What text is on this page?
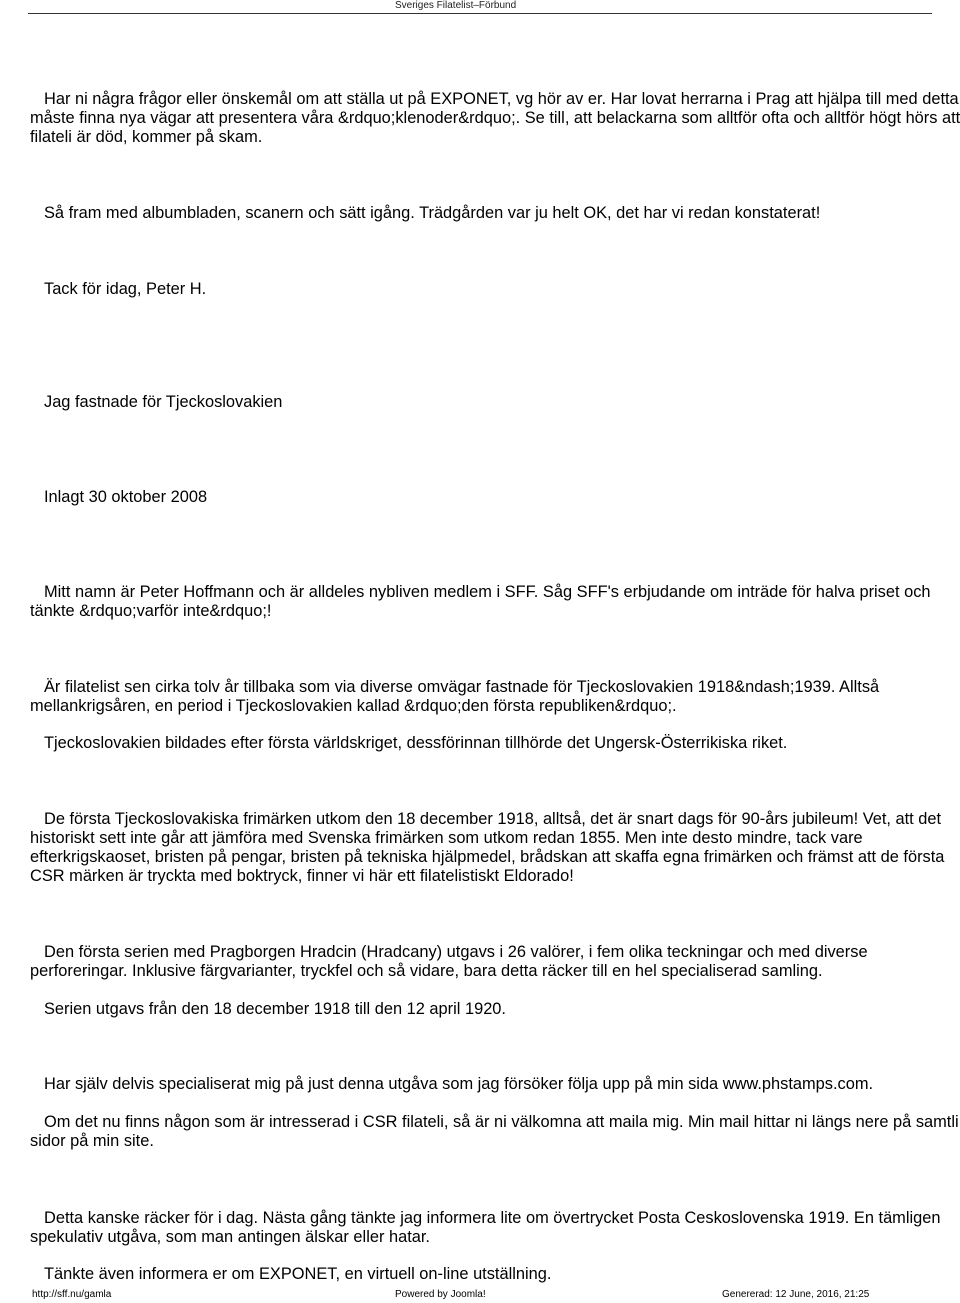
Sveriges Filatelist–Förbund
Har ni några frågor eller önskemål om att ställa ut på EXPONET, vg hör av er. Har lovat herrarna i Prag att hjälpa till med detta
måste finna nya vägar att presentera våra &rdquo;klenoder&rdquo;. Se till, att belackarna som alltför ofta och alltför högt hörs att
filateli är död, kommer på skam.
Så fram med albumbladen, scanern och sätt igång. Trädgården var ju helt OK, det har vi redan konstaterat!
Tack för idag, Peter H.
Jag fastnade för Tjeckoslovakien
Inlagt 30 oktober 2008
Mitt namn är Peter Hoffmann och är alldeles nybliven medlem i SFF. Såg SFF's erbjudande om inträde för halva priset och
tänkte &rdquo;varför inte&rdquo;!
Är filatelist sen cirka tolv år tillbaka som via diverse omvägar fastnade för Tjeckoslovakien 1918&ndash;1939. Alltså
mellankrigsåren, en period i Tjeckoslovakien kallad &rdquo;den första republiken&rdquo;.
Tjeckoslovakien bildades efter första världskriget, dessförinnan tillhörde det Ungersk-Österrikiska riket.
De första Tjeckoslovakiska frimärken utkom den 18 december 1918, alltså, det är snart dags för 90-års jubileum! Vet, att det
historiskt sett inte går att jämföra med Svenska frimärken som utkom redan 1855. Men inte desto mindre, tack vare
efterkrigskaoset, bristen på pengar, bristen på tekniska hjälpmedel, brådskan att skaffa egna frimärken och främst att de första
CSR märken är tryckta med boktryck, finner vi här ett filatelistiskt Eldorado!
Den första serien med Pragborgen Hradcin (Hradcany) utgavs i 26 valörer, i fem olika teckningar och med diverse
perforeringar. Inklusive färgvarianter, tryckfel och så vidare, bara detta räcker till en hel specialiserad samling.
Serien utgavs från den 18 december 1918 till den 12 april 1920.
Har själv delvis specialiserat mig på just denna utgåva som jag försöker följa upp på min sida www.phstamps.com.
Om det nu finns någon som är intresserad i CSR filateli, så är ni välkomna att maila mig. Min mail hittar ni längs nere på samtli
sidor på min site.
Detta kanske räcker för i dag. Nästa gång tänkte jag informera lite om övertrycket Posta Ceskoslovenska 1919. En tämligen
spekulativ utgåva, som man antingen älskar eller hatar.
Tänkte även informera er om EXPONET, en virtuell on-line utställning.
http://sff.nu/gamla	Powered by Joomla!	Genererad: 12 June, 2016, 21:25
